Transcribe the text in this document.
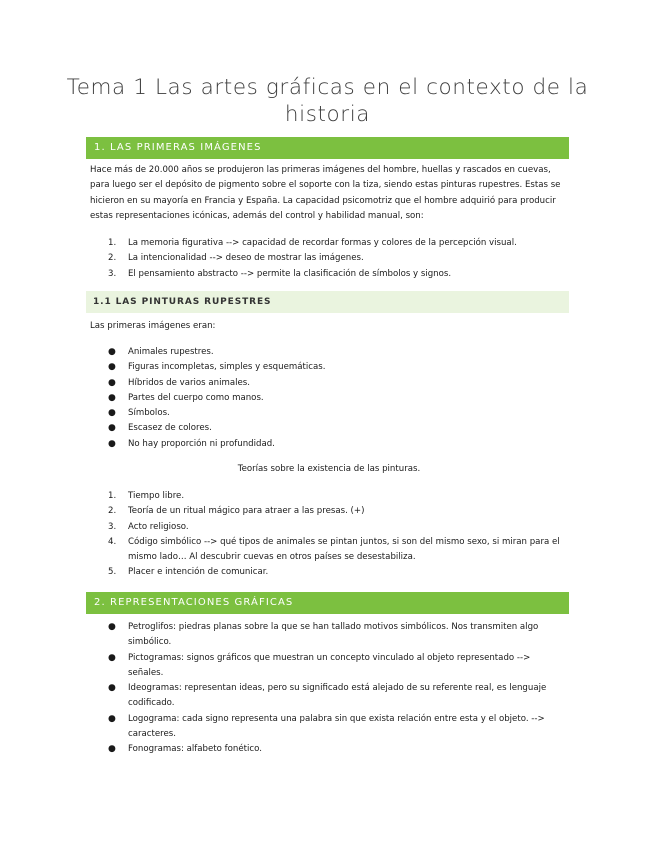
Tema 1 Las artes gráficas en el contexto de la
historia
1. LAS PRIMERAS IMÁGENES

Hace más de 20.000 años se produjeron las primeras imágenes del hombre, huellas y rascados en cuevas, para luego ser el depósito de pigmento sobre el soporte con la tiza, siendo estas pinturas rupestres. Estas se hicieron en su mayoría en Francia y España. La capacidad psicomotriz que el hombre adquirió para producir estas representaciones icónicas, además del control y habilidad manual, son:

1. La memoria figurativa --> capacidad de recordar formas y colores de la percepción visual.
2. La intencionalidad --> deseo de mostrar las imágenes.
3. El pensamiento abstracto --> permite la clasificación de símbolos y signos.
1.1 LAS PINTURAS RUPESTRES

Las primeras imágenes eran:

● Animales rupestres.
● Figuras incompletas, simples y esquemáticas.
● Híbridos de varios animales.
● Partes del cuerpo como manos.
● Símbolos.
● Escasez de colores.
● No hay proporción ni profundidad.
Teorías sobre la existencia de las pinturas.
1. Tiempo libre.
2. Teoría de un ritual mágico para atraer a las presas. (+)
3. Acto religioso.
4. Código simbólico --> qué tipos de animales se pintan juntos, si son del mismo sexo, si miran para el mismo lado… Al descubrir cuevas en otros países se desestabiliza.
5. Placer e intención de comunicar.
2. REPRESENTACIONES GRÁFICAS
● Petroglifos: piedras planas sobre la que se han tallado motivos simbólicos. Nos transmiten algo simbólico.
● Pictogramas: signos gráficos que muestran un concepto vinculado al objeto representado --> señales.
● Ideogramas: representan ideas, pero su significado está alejado de su referente real, es lenguaje codificado.
● Logograma: cada signo representa una palabra sin que exista relación entre esta y el objeto. --> caracteres.
● Fonogramas: alfabeto fonético.
